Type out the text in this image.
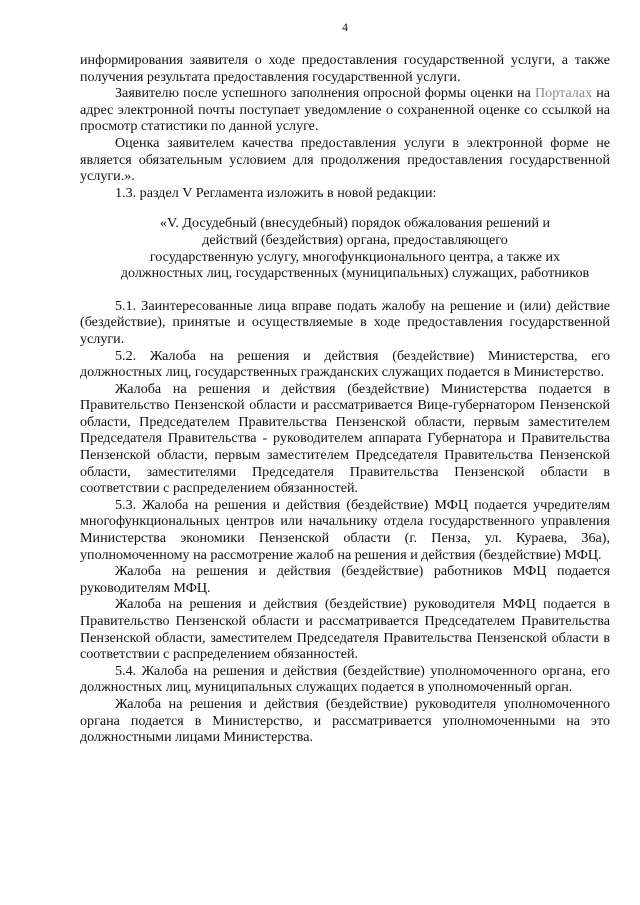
4

информирования заявителя о ходе предоставления государственной услуги, а также получения результата предоставления государственной услуги.

Заявителю после успешного заполнения опросной формы оценки на Порталах на адрес электронной почты поступает уведомление о сохраненной оценке со ссылкой на просмотр статистики по данной услуге.

Оценка заявителем качества предоставления услуги в электронной форме не является обязательным условием для продолжения предоставления государственной услуги.».

1.3. раздел V Регламента изложить в новой редакции:

«V. Досудебный (внесудебный) порядок обжалования решений и

действий (бездействия) органа, предоставляющего

государственную услугу, многофункционального центра, а также их

должностных лиц, государственных (муниципальных) служащих, работников

5.1. Заинтересованные лица вправе подать жалобу на решение и (или) действие (бездействие), принятые и осуществляемые в ходе предоставления государственной услуги.

5.2. Жалоба на решения и действия (бездействие) Министерства, его должностных лиц, государственных гражданских служащих подается в Министерство.

Жалоба на решения и действия (бездействие) Министерства подается в Правительство Пензенской области и рассматривается Вице-губернатором Пензенской области, Председателем Правительства Пензенской области, первым заместителем Председателя Правительства - руководителем аппарата Губернатора и Правительства Пензенской области, первым заместителем Председателя Правительства Пензенской области, заместителями Председателя Правительства Пензенской области в соответствии с распределением обязанностей.

5.3. Жалоба на решения и действия (бездействие) МФЦ подается учредителям многофункциональных центров или начальнику отдела государственного управления Министерства экономики Пензенской области (г. Пенза, ул. Кураева, 36а), уполномоченному на рассмотрение жалоб на решения и действия (бездействие) МФЦ.

Жалоба на решения и действия (бездействие) работников МФЦ подается руководителям МФЦ.

Жалоба на решения и действия (бездействие) руководителя МФЦ подается в Правительство Пензенской области и рассматривается Председателем Правительства Пензенской области, заместителем Председателя Правительства Пензенской области в соответствии с распределением обязанностей.

5.4. Жалоба на решения и действия (бездействие) уполномоченного органа, его должностных лиц, муниципальных служащих подается в уполномоченный орган.

Жалоба на решения и действия (бездействие) руководителя уполномоченного органа подается в Министерство, и рассматривается уполномоченными на это должностными лицами Министерства.
